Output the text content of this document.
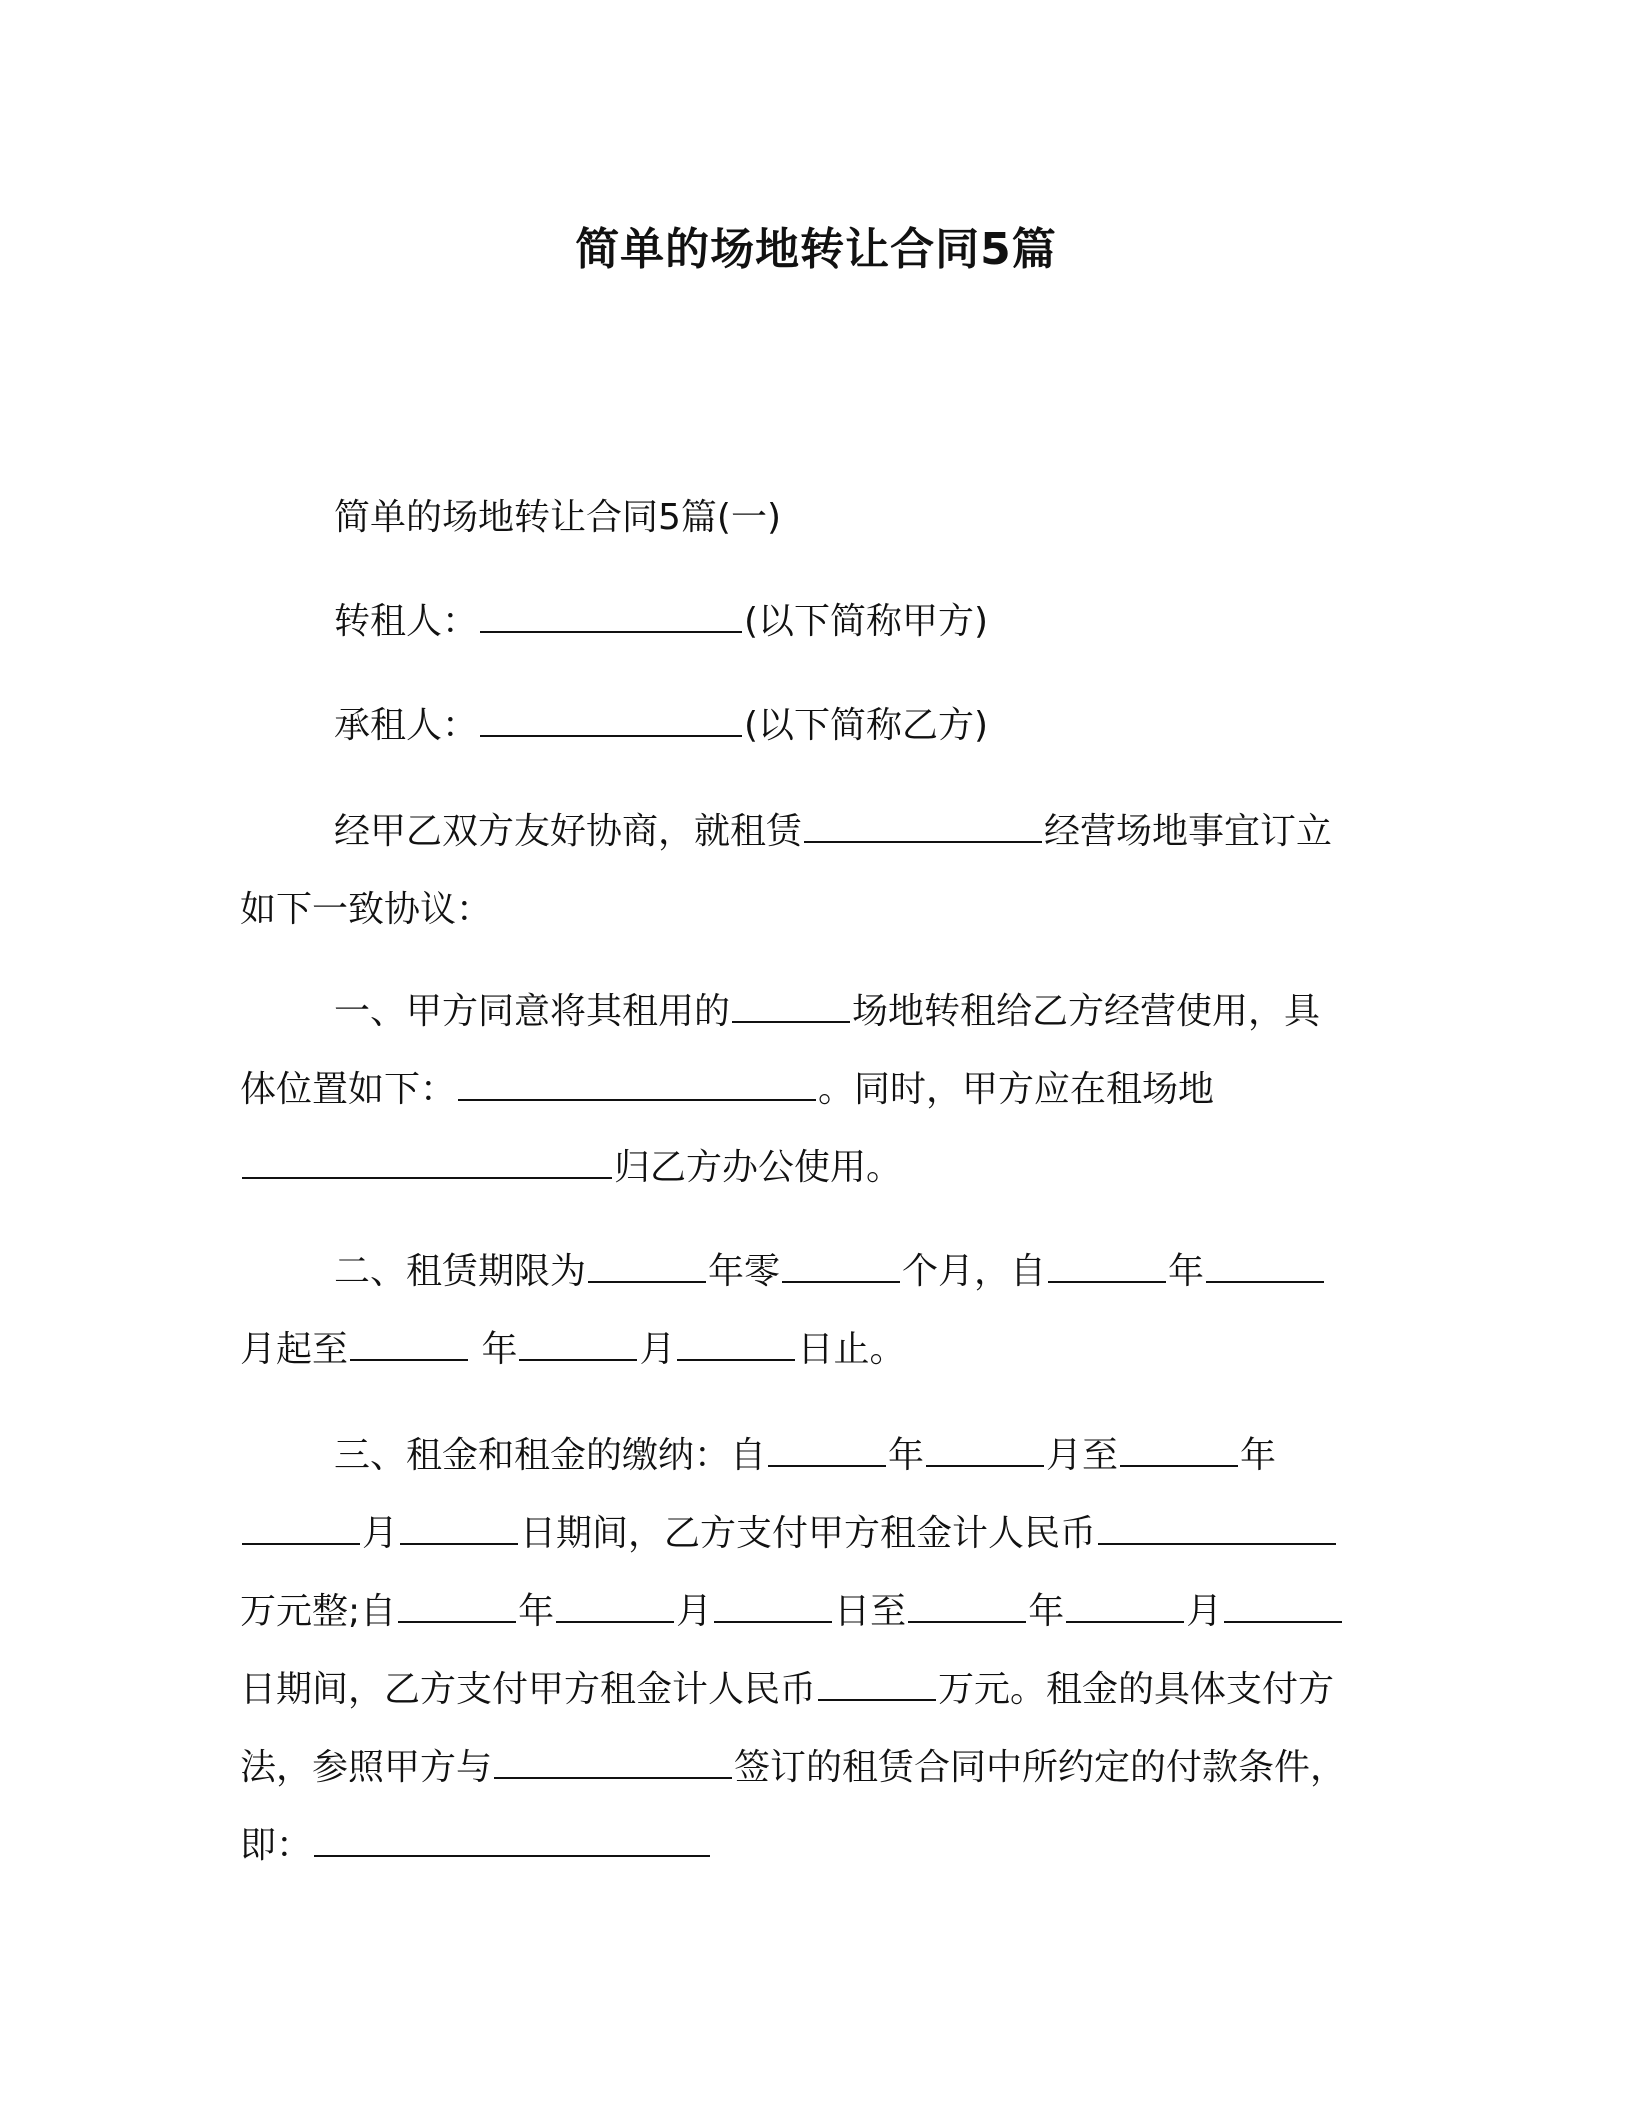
简单的场地转让合同5篇

简单的场地转让合同5篇(一)

转租人：	(以下简称甲方)

承租人：	(以下简称乙方)

经甲乙双方友好协商，就租赁	经营场地事宜订立

如下一致协议：

一、甲方同意将其租用的	场地转租给乙方经营使用，具

体位置如下：	。同时，甲方应在租场地

归乙方办公使用。

二、租赁期限为	年零	个月，自	年

月起至	年	月	日止。

三、租金和租金的缴纳：自	年	月至	年

月	日期间，乙方支付甲方租金计人民币

万元整;自	年	月	日至	年	月

日期间，乙方支付甲方租金计人民币	万元。租金的具体支付方

法，参照甲方与	签订的租赁合同中所约定的付款条件，

即：
